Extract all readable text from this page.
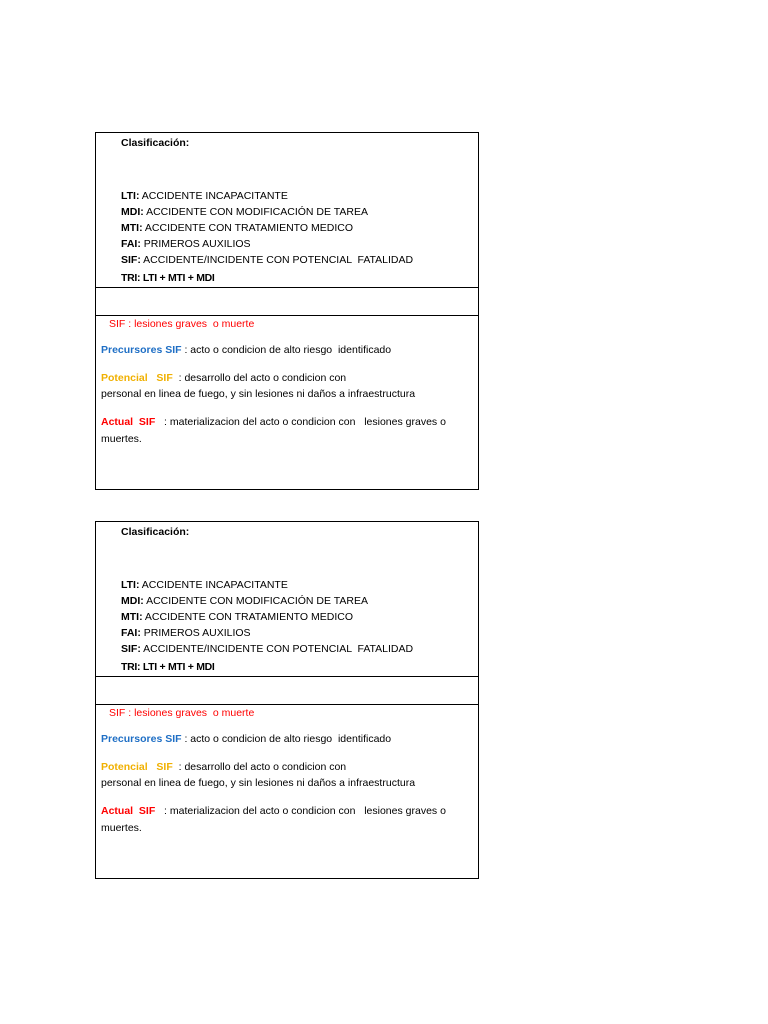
Clasificación:
LTI: ACCIDENTE INCAPACITANTE
MDI: ACCIDENTE CON MODIFICACIÓN DE TAREA
MTI: ACCIDENTE CON TRATAMIENTO MEDICO
FAI: PRIMEROS AUXILIOS
SIF: ACCIDENTE/INCIDENTE CON POTENCIAL  FATALIDAD
TRI: LTI + MTI + MDI
SIF : lesiones graves  o muerte
Precursores SIF : acto o condicion de alto riesgo  identificado
Potencial   SIF  : desarrollo del acto o condicion con
personal en linea de fuego, y sin lesiones ni daños a infraestructura
Actual  SIF   : materializacion del acto o condicion con   lesiones graves o
muertes.
Clasificación:
LTI: ACCIDENTE INCAPACITANTE
MDI: ACCIDENTE CON MODIFICACIÓN DE TAREA
MTI: ACCIDENTE CON TRATAMIENTO MEDICO
FAI: PRIMEROS AUXILIOS
SIF: ACCIDENTE/INCIDENTE CON POTENCIAL  FATALIDAD
TRI: LTI + MTI + MDI
SIF : lesiones graves  o muerte
Precursores SIF : acto o condicion de alto riesgo  identificado
Potencial   SIF  : desarrollo del acto o condicion con
personal en linea de fuego, y sin lesiones ni daños a infraestructura
Actual  SIF   : materializacion del acto o condicion con   lesiones graves o
muertes.
